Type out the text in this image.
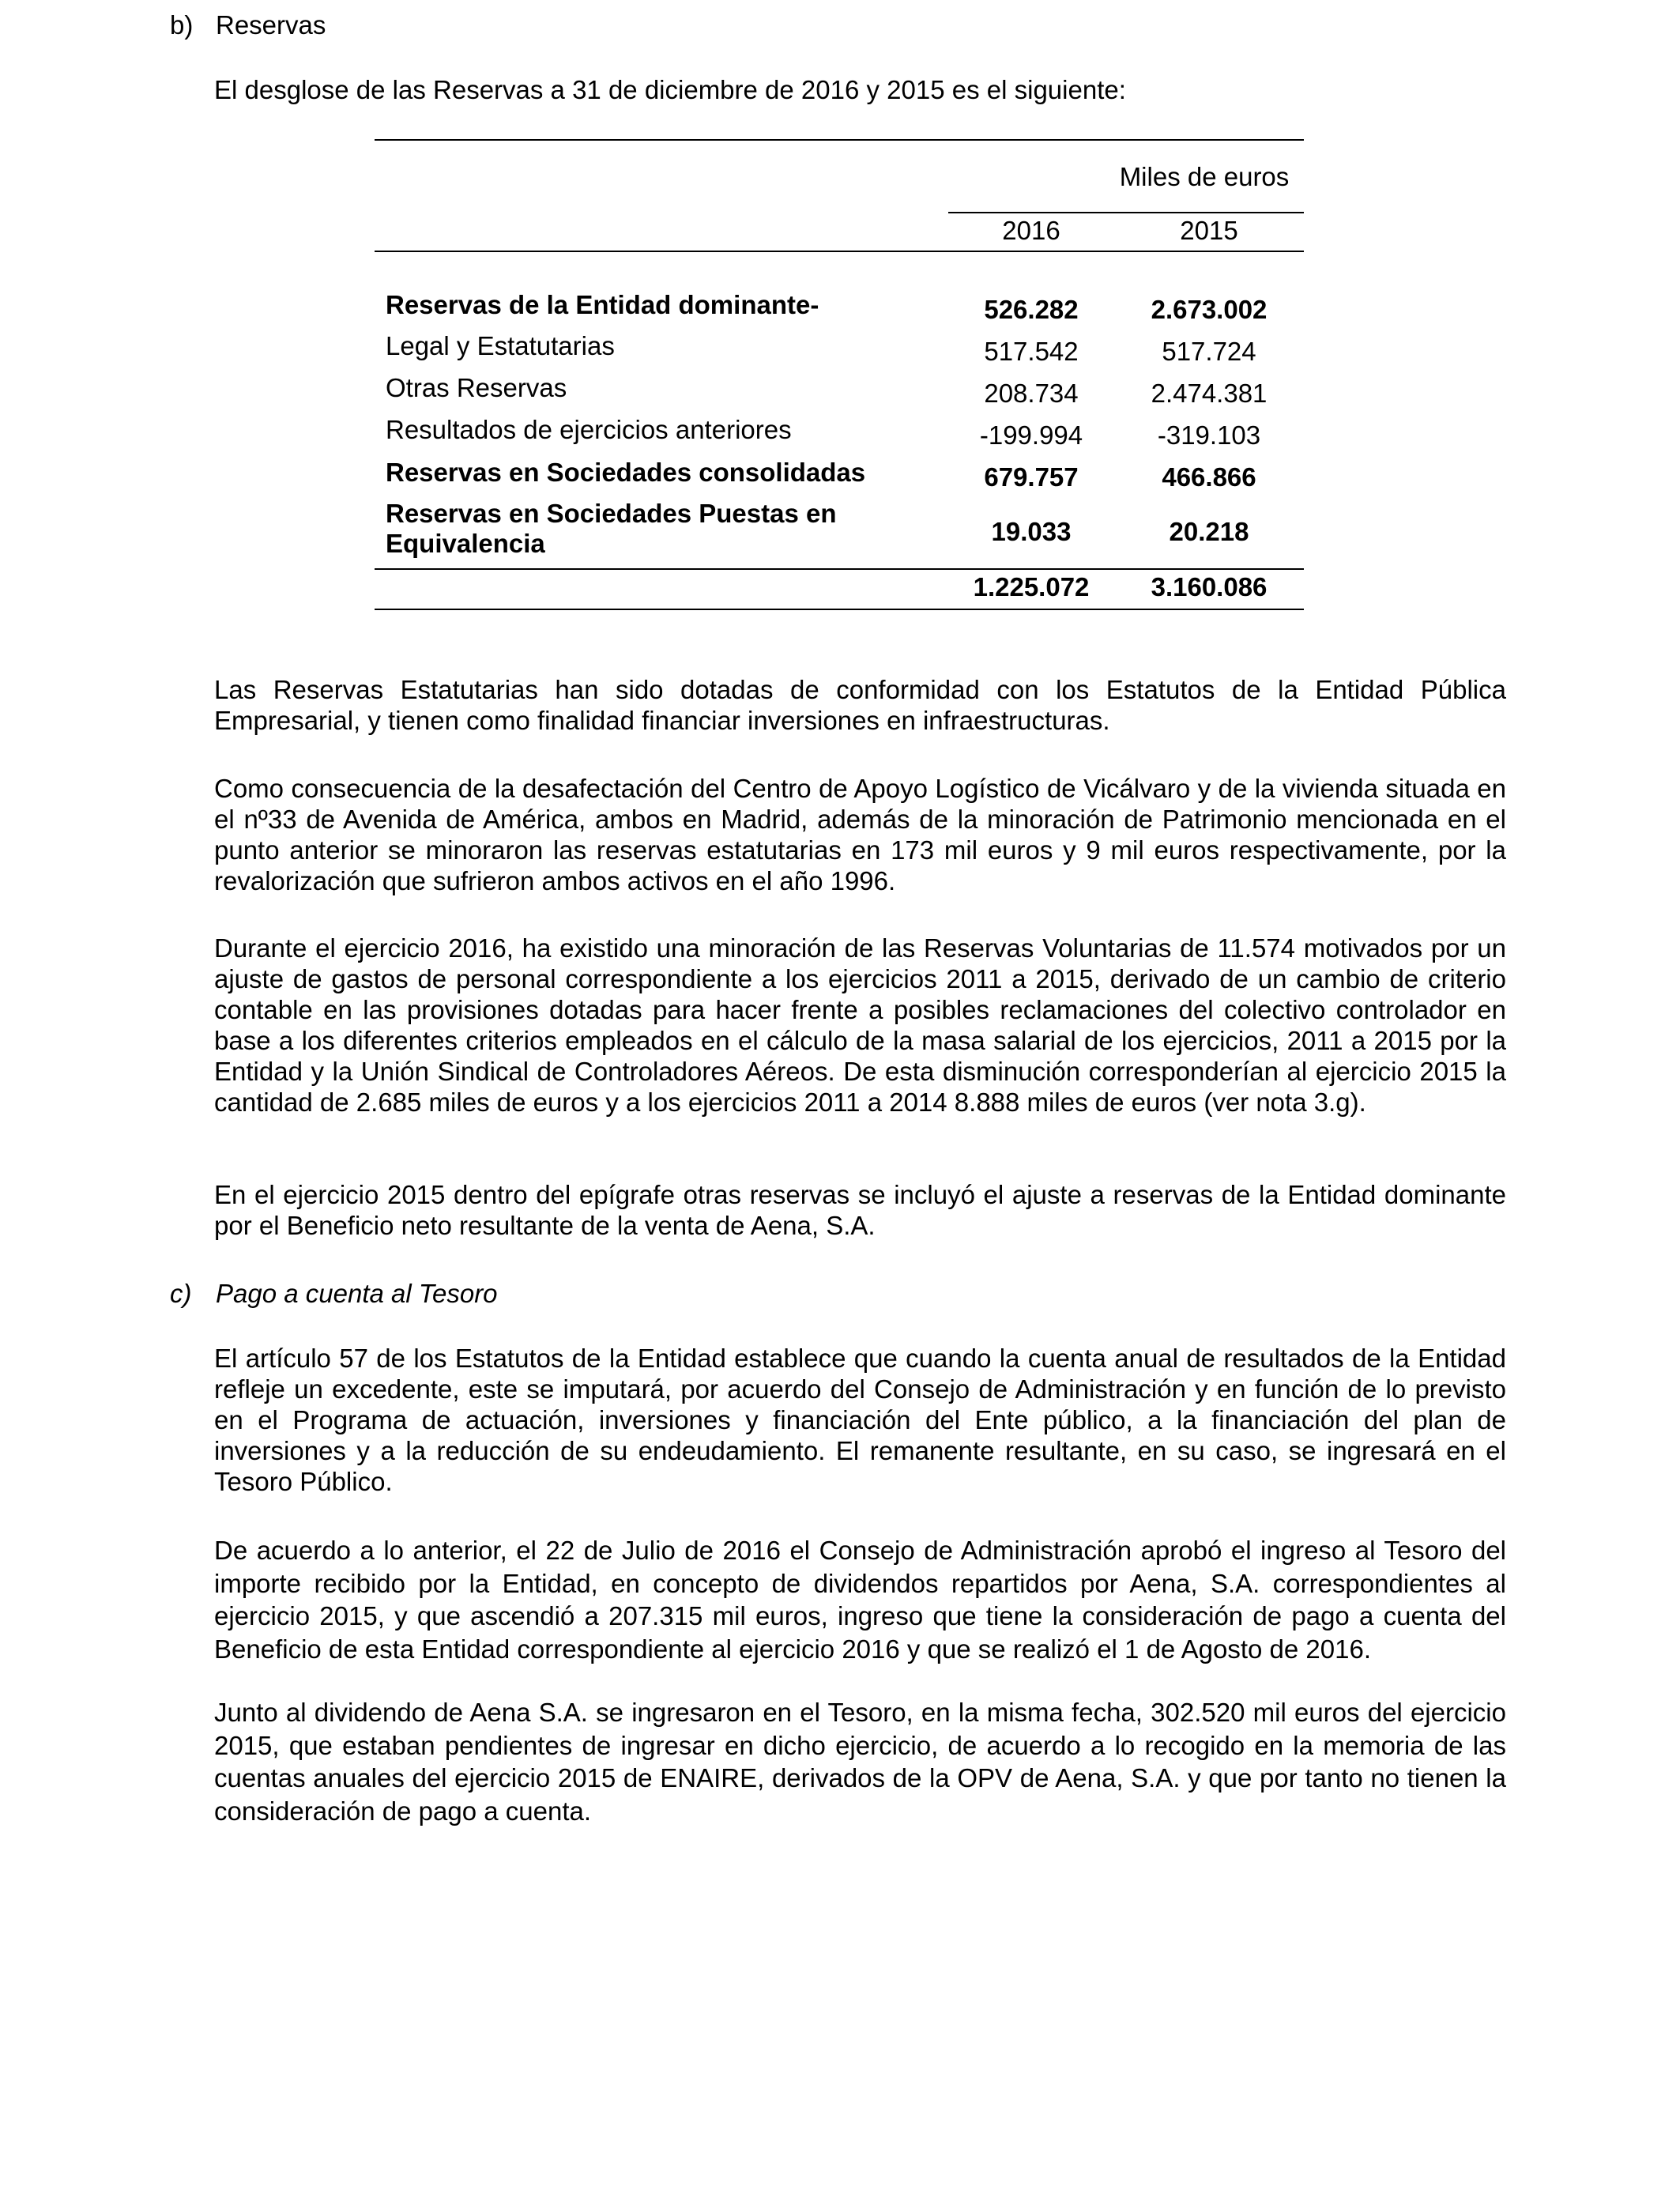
b) Reservas
El desglose de las Reservas a 31 de diciembre de 2016 y 2015 es el siguiente:
Miles de euros
2016	2015
Reservas de la Entidad dominante-	526.282	2.673.002
Legal y Estatutarias	517.542	517.724
Otras Reservas	208.734	2.474.381
Resultados de ejercicios anteriores	-199.994	-319.103
Reservas en Sociedades consolidadas	679.757	466.866
Reservas en Sociedades Puestas en Equivalencia	19.033	20.218
1.225.072	3.160.086
Las Reservas Estatutarias han sido dotadas de conformidad con los Estatutos de la Entidad Pública Empresarial, y tienen como finalidad financiar inversiones en infraestructuras.
Como consecuencia de la desafectación del Centro de Apoyo Logístico de Vicálvaro y de la vivienda situada en el nº33 de Avenida de América, ambos en Madrid, además de la minoración de Patrimonio mencionada en el punto anterior se minoraron las reservas estatutarias en 173 mil euros y 9 mil euros respectivamente, por la revalorización que sufrieron ambos activos en el año 1996.
Durante el ejercicio 2016, ha existido una minoración de las Reservas Voluntarias de 11.574 motivados por un ajuste de gastos de personal correspondiente a los ejercicios 2011 a 2015, derivado de un cambio de criterio contable en las provisiones dotadas para hacer frente a posibles reclamaciones del colectivo controlador en base a los diferentes criterios empleados en el cálculo de la masa salarial de los ejercicios, 2011 a 2015 por la Entidad y la Unión Sindical de Controladores Aéreos. De esta disminución corresponderían al ejercicio 2015 la cantidad de 2.685 miles de euros y a los ejercicios 2011 a 2014 8.888 miles de euros (ver nota 3.g).
En el ejercicio 2015 dentro del epígrafe otras reservas se incluyó el ajuste a reservas de la Entidad dominante por el Beneficio neto resultante de la venta de Aena, S.A.
c) Pago a cuenta al Tesoro
El artículo 57 de los Estatutos de la Entidad establece que cuando la cuenta anual de resultados de la Entidad refleje un excedente, este se imputará, por acuerdo del Consejo de Administración y en función de lo previsto en el Programa de actuación, inversiones y financiación del Ente público, a la financiación del plan de inversiones y a la reducción de su endeudamiento. El remanente resultante, en su caso, se ingresará en el Tesoro Público.
De acuerdo a lo anterior, el 22 de Julio de 2016 el Consejo de Administración aprobó el ingreso al Tesoro del importe recibido por la Entidad, en concepto de dividendos repartidos por Aena, S.A. correspondientes al ejercicio 2015, y que ascendió a 207.315 mil euros, ingreso que tiene la consideración de pago a cuenta del Beneficio de esta Entidad correspondiente al ejercicio 2016 y que se realizó el 1 de Agosto de 2016.
Junto al dividendo de Aena S.A. se ingresaron en el Tesoro, en la misma fecha, 302.520 mil euros del ejercicio 2015, que estaban pendientes de ingresar en dicho ejercicio, de acuerdo a lo recogido en la memoria de las cuentas anuales del ejercicio 2015 de ENAIRE, derivados de la OPV de Aena, S.A. y que por tanto no tienen la consideración de pago a cuenta.
